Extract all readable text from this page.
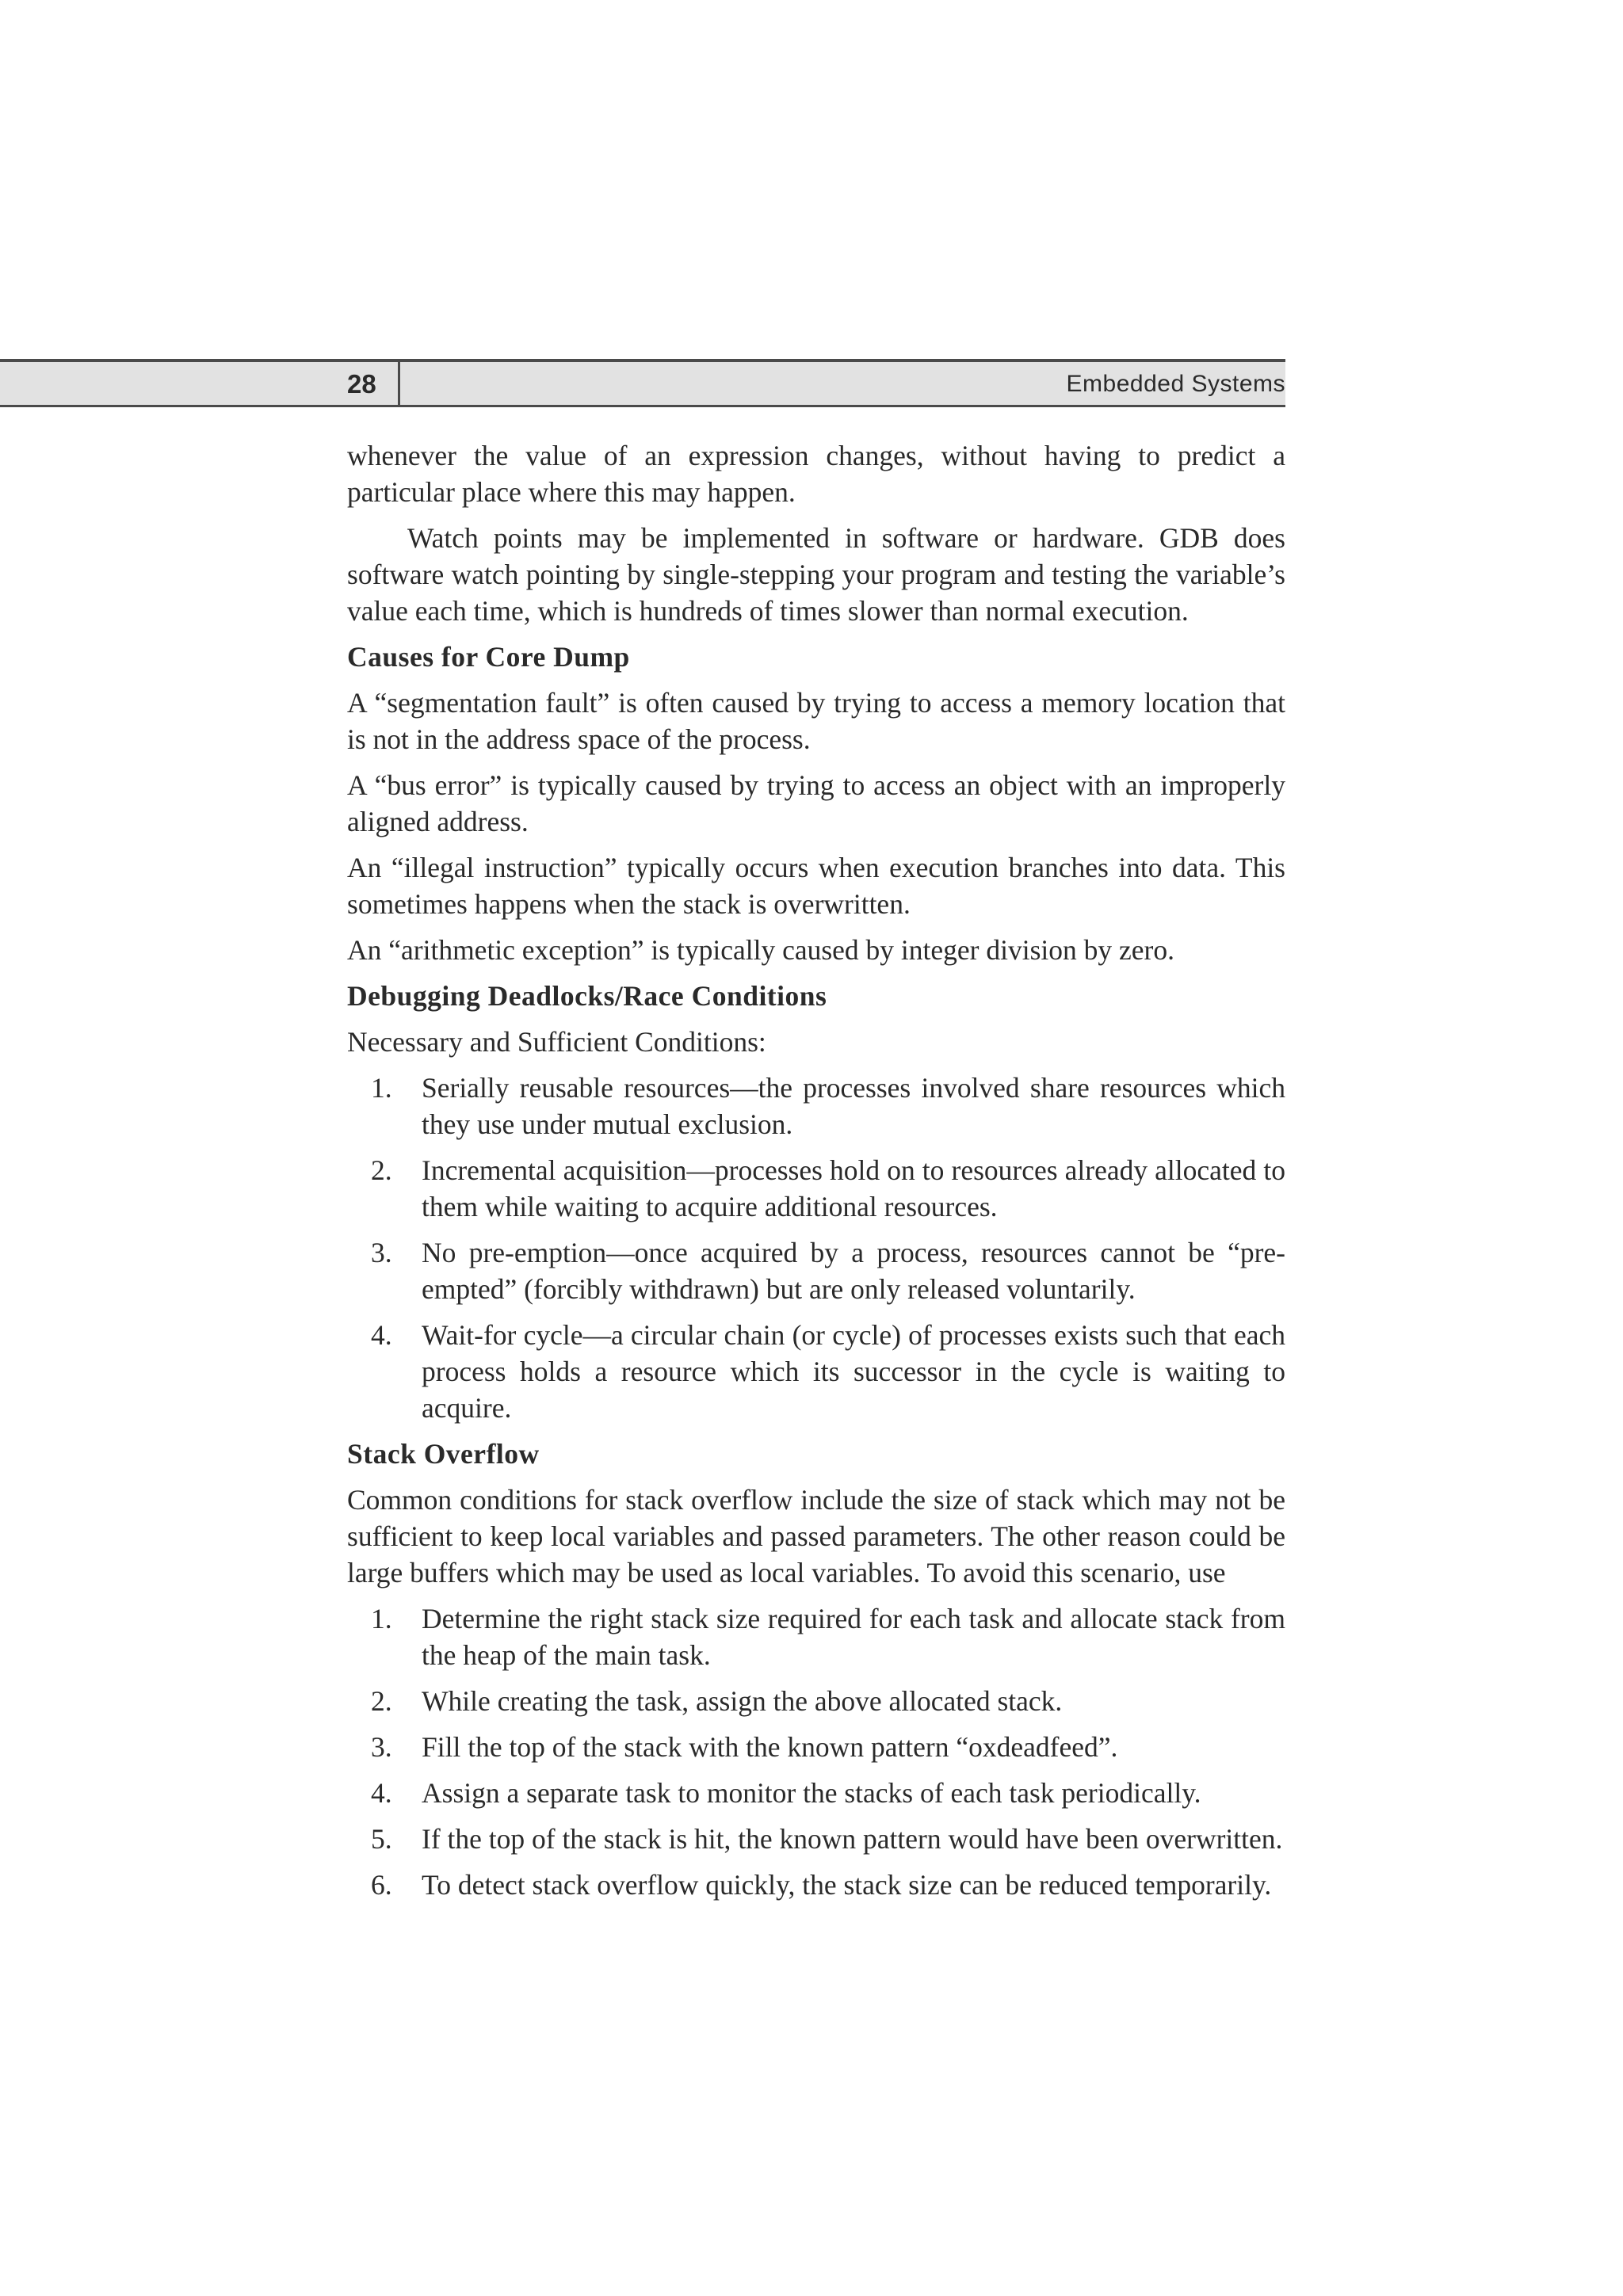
28	Embedded Systems

whenever the value of an expression changes, without having to predict a particular place where this may happen.

Watch points may be implemented in software or hardware. GDB does software watch pointing by single-stepping your program and testing the variable’s value each time, which is hundreds of times slower than normal execution.

Causes for Core Dump

A “segmentation fault” is often caused by trying to access a memory location that is not in the address space of the process.

A “bus error” is typically caused by trying to access an object with an improperly aligned address.

An “illegal instruction” typically occurs when execution branches into data. This sometimes happens when the stack is overwritten.

An “arithmetic exception” is typically caused by integer division by zero.

Debugging Deadlocks/Race Conditions

Necessary and Sufficient Conditions:

1. Serially reusable resources—the processes involved share resources which they use under mutual exclusion.
2. Incremental acquisition—processes hold on to resources already allocated to them while waiting to acquire additional resources.
3. No pre-emption—once acquired by a process, resources cannot be “pre-empted” (forcibly withdrawn) but are only released voluntarily.
4. Wait-for cycle—a circular chain (or cycle) of processes exists such that each process holds a resource which its successor in the cycle is waiting to acquire.
Stack Overflow

Common conditions for stack overflow include the size of stack which may not be sufficient to keep local variables and passed parameters. The other reason could be large buffers which may be used as local variables. To avoid this scenario, use

1. Determine the right stack size required for each task and allocate stack from the heap of the main task.
2. While creating the task, assign the above allocated stack.
3. Fill the top of the stack with the known pattern “oxdeadfeed”.
4. Assign a separate task to monitor the stacks of each task periodically.
5. If the top of the stack is hit, the known pattern would have been overwritten.
6. To detect stack overflow quickly, the stack size can be reduced temporarily.
